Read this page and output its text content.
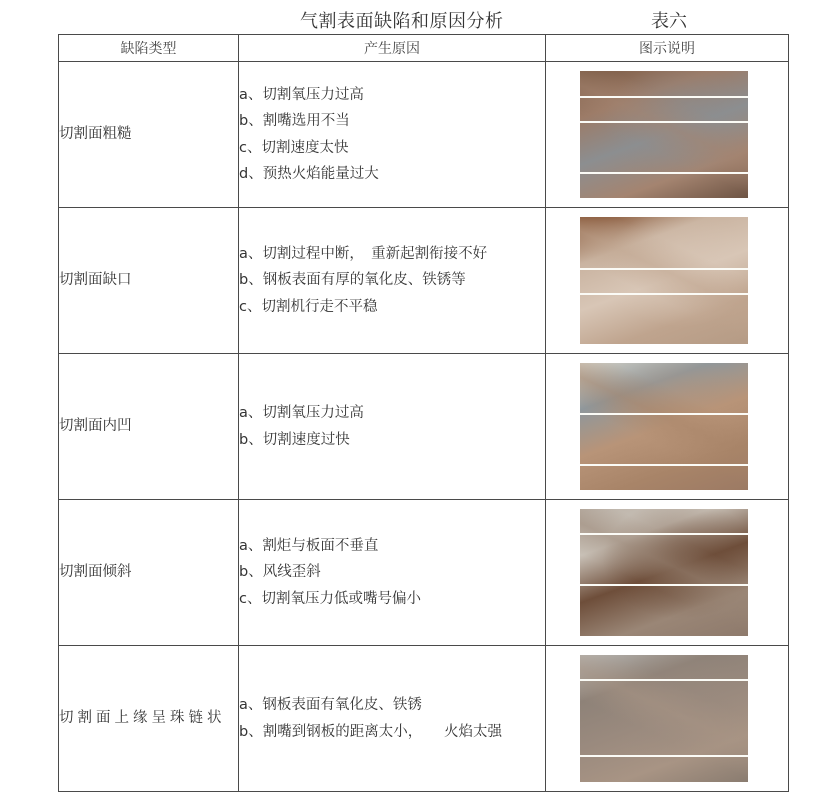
气割表面缺陷和原因分析	表六
缺陷类型	产生原因	图示说明
切割面粗糙	a、切割氧压力过高
b、割嘴选用不当
c、切割速度太快
d、预热火焰能量过大	

切割面缺口	a、切割过程中断，　重新起割衔接不好
b、钢板表面有厚的氧化皮、铁锈等
c、切割机行走不平稳	

切割面内凹	a、切割氧压力过高
b、切割速度过快	

切割面倾斜	a、割炬与板面不垂直
b、风线歪斜
c、切割氧压力低或嘴号偏小	

切割面上缘呈珠链状	a、钢板表面有氧化皮、铁锈
b、割嘴到钢板的距离太小，　　火焰太强	
